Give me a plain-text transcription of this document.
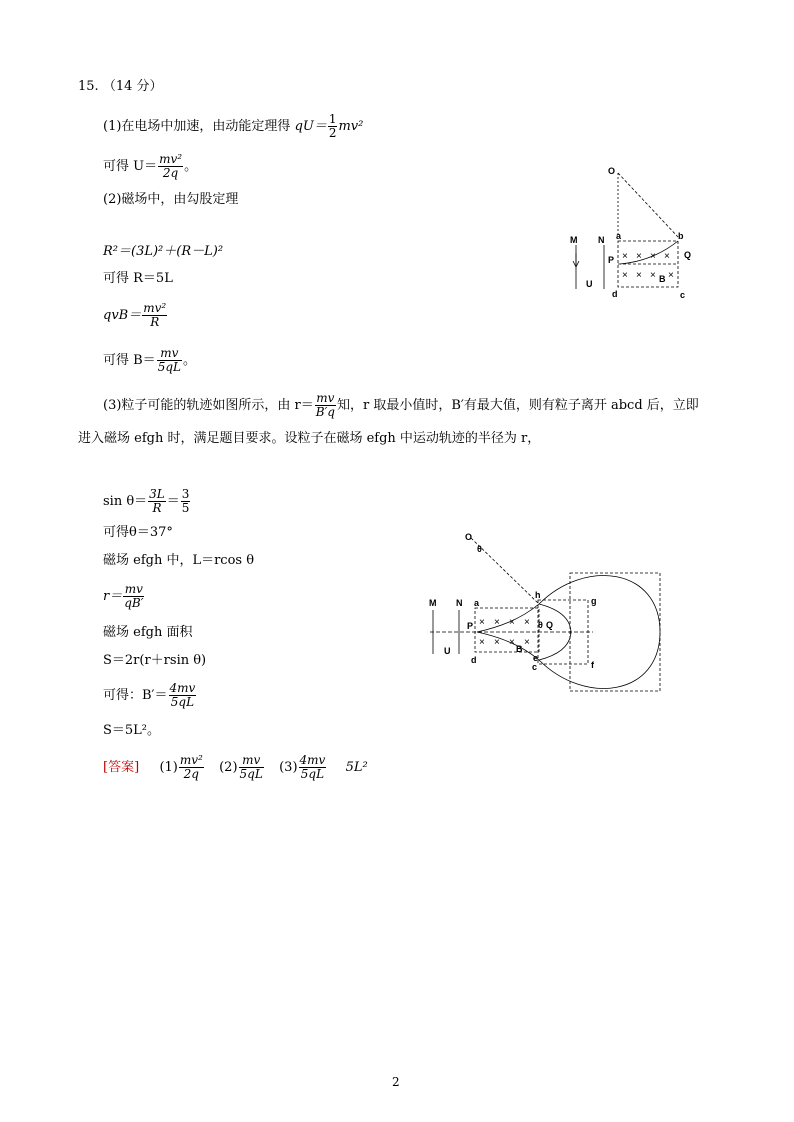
15. （14 分）
(1)在电场中加速，由动能定理得 $qU= \frac{1}{2} mv^2$
可得 $U= \frac{\text{mv²}}{2q}$ 。
(2)磁场中，由勾股定理
R²＝(3L)²＋(R－L)²
可得 R＝5L
$qvB= \frac{\text{mv²}}{R}$
可得 $B= \frac{mv}{5qL}$ 。
O
M N a	b
P	Q
U
d	c
B
× × × ×
× × × ×
(3)粒子可能的轨迹如图所示，由 $r= \frac{mv}{B'q}$ 知，r 取最小值时，B′有最大值，则有粒子离开 abcd 后，立即
进入磁场 efgh 时，满足题目要求。设粒子在磁场 efgh 中运动轨迹的半径为 r，
$\sin \theta= \frac{3L}{R} = \frac{3}{5}$
可得θ＝37°
磁场 efgh 中，L＝rcos θ
$r= \frac{mv}{qB'}$
磁场 efgh 面积
S＝2r(r＋rsin θ)
可得：$B'= \frac{4mv}{5qL}$
S＝5L²。
[答案] $(1) \frac{\text{mv²}}{2q} (2) \frac{mv}{5qL} (3) \frac{4mv}{5qL} 5L^2$
O
θ
M N a
h
g
P	θ Q
U
d
B
e
c	f
× × × ×
× × × ×
2
